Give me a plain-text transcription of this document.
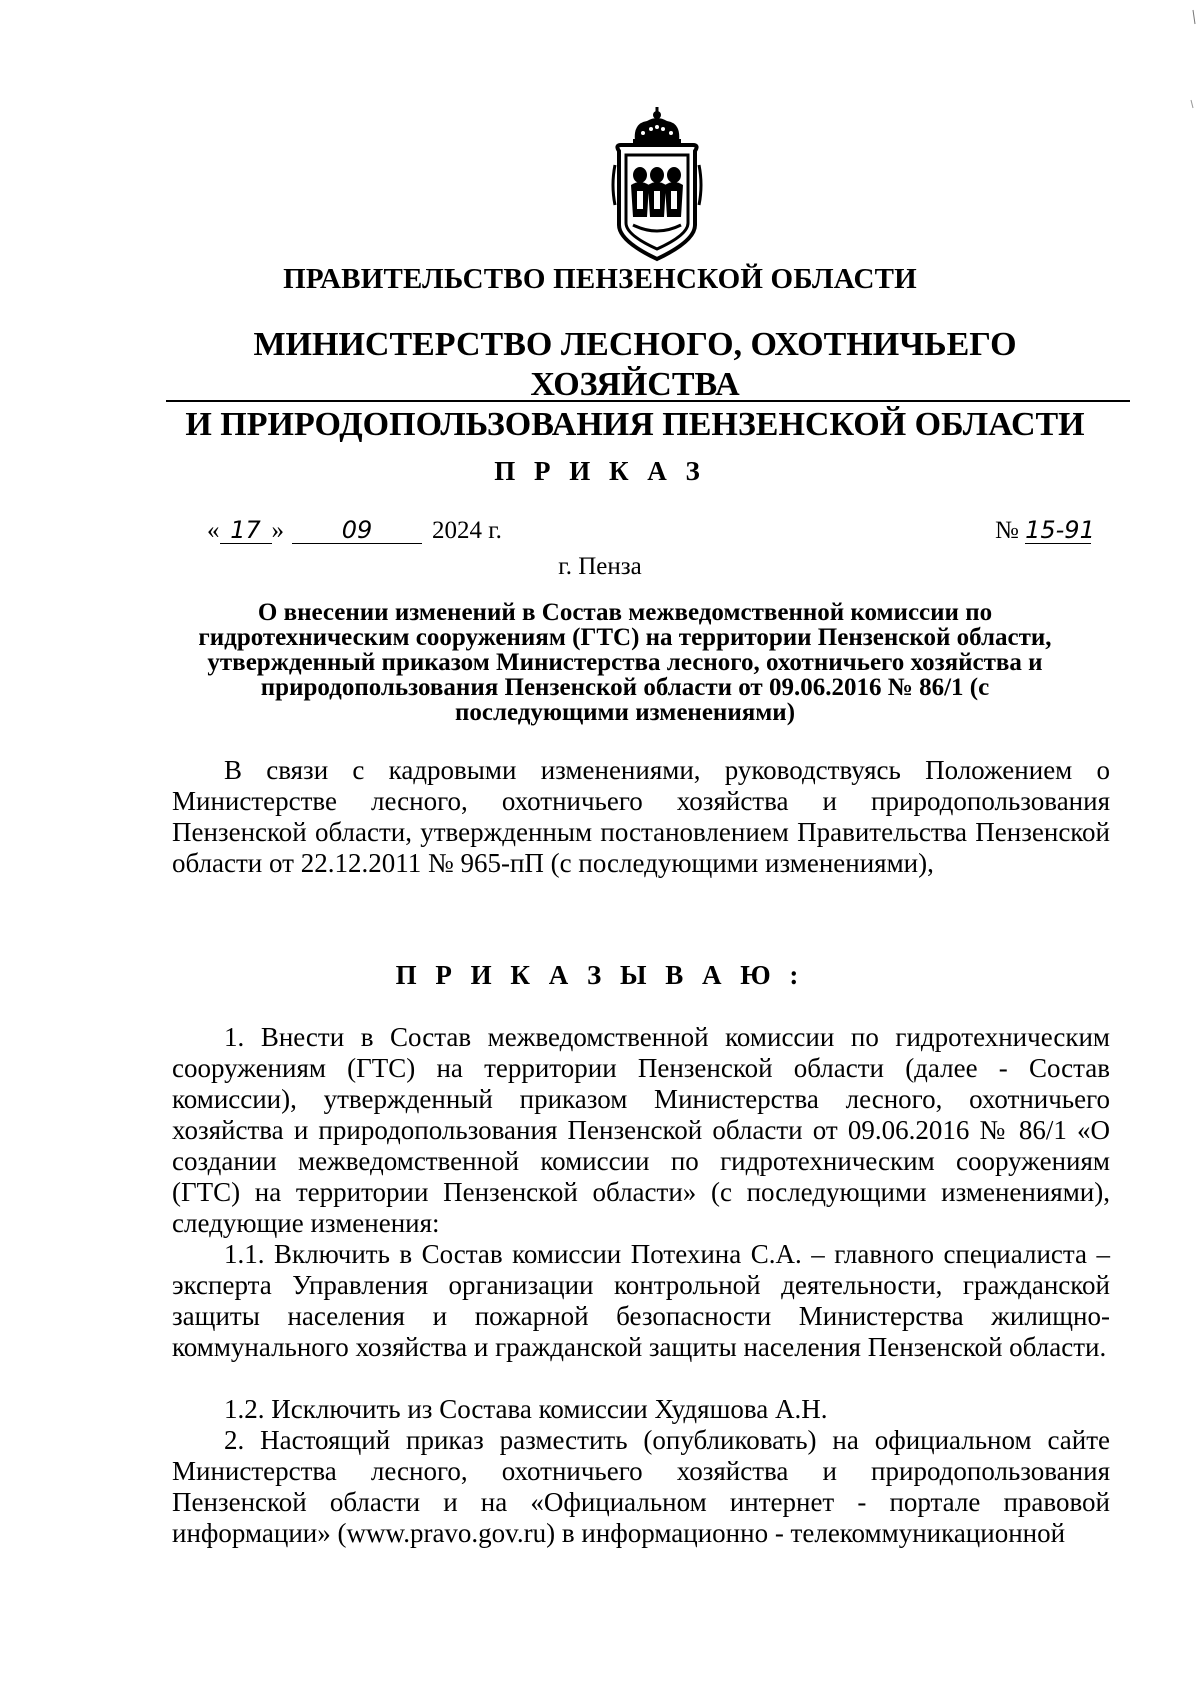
ПРАВИТЕЛЬСТВО ПЕНЗЕНСКОЙ ОБЛАСТИ
МИНИСТЕРСТВО ЛЕСНОГО, ОХОТНИЧЬЕГО ХОЗЯЙСТВА
И ПРИРОДОПОЛЬЗОВАНИЯ ПЕНЗЕНСКОЙ ОБЛАСТИ
П Р И К А З
« 17 » 09 2024 г.	№ 15-91
г. Пенза
О внесении изменений в Состав межведомственной комиссии по гидротехническим сооружениям (ГТС) на территории Пензенской области, утвержденный приказом Министерства лесного, охотничьего хозяйства и природопользования Пензенской области от 09.06.2016 № 86/1 (с последующими изменениями)
В связи с кадровыми изменениями, руководствуясь Положением о Министерстве лесного, охотничьего хозяйства и природопользования Пензенской области, утвержденным постановлением Правительства Пензенской области от 22.12.2011 № 965-пП (с последующими изменениями),
П Р И К А З Ы В А Ю :
1. Внести в Состав межведомственной комиссии по гидротехническим сооружениям (ГТС) на территории Пензенской области (далее - Состав комиссии), утвержденный приказом Министерства лесного, охотничьего хозяйства и природопользования Пензенской области от 09.06.2016 № 86/1 «О создании межведомственной комиссии по гидротехническим сооружениям (ГТС) на территории Пензенской области» (с последующими изменениями), следующие изменения:
1.1. Включить в Состав комиссии Потехина С.А. – главного специалиста – эксперта Управления организации контрольной деятельности, гражданской защиты населения и пожарной безопасности Министерства жилищно-коммунального хозяйства и гражданской защиты населения Пензенской области.
1.2. Исключить из Состава комиссии Худяшова А.Н.
2. Настоящий приказ разместить (опубликовать) на официальном сайте Министерства лесного, охотничьего хозяйства и природопользования Пензенской области и на «Официальном интернет - портале правовой информации» (www.pravo.gov.ru) в информационно - телекоммуникационной
